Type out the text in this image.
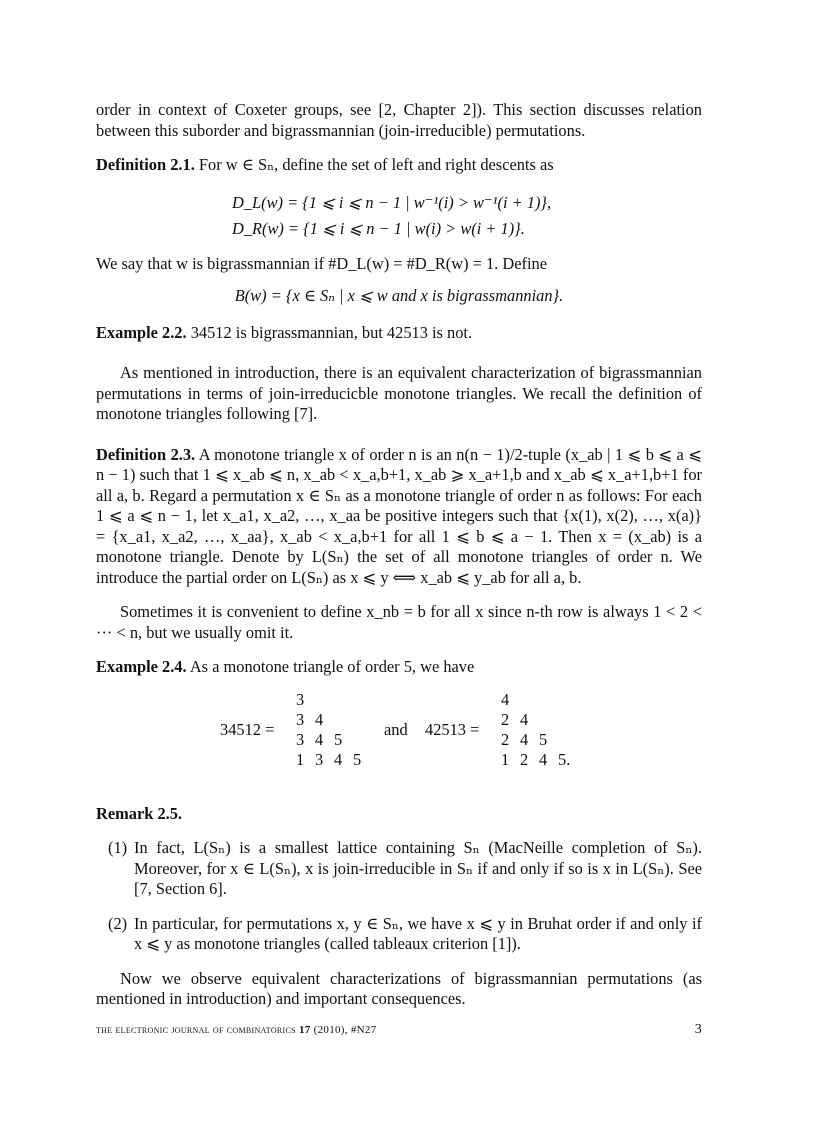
order in context of Coxeter groups, see [2, Chapter 2]). This section discusses relation between this suborder and bigrassmannian (join-irreducible) permutations.

Definition 2.1. For w ∈ Sₙ, define the set of left and right descents as

D_L(w) = {1 ⩽ i ⩽ n − 1 | w⁻¹(i) > w⁻¹(i + 1)},
D_R(w) = {1 ⩽ i ⩽ n − 1 | w(i) > w(i + 1)}.

We say that w is bigrassmannian if #D_L(w) = #D_R(w) = 1. Define

B(w) = {x ∈ Sₙ | x ⩽ w and x is bigrassmannian}.

Example 2.2. 34512 is bigrassmannian, but 42513 is not.

As mentioned in introduction, there is an equivalent characterization of bigrassmannian permutations in terms of join-irreducicble monotone triangles. We recall the definition of monotone triangles following [7].

Definition 2.3. A monotone triangle x of order n is an n(n − 1)/2-tuple (x_ab | 1 ⩽ b ⩽ a ⩽ n − 1) such that 1 ⩽ x_ab ⩽ n, x_ab < x_a,b+1, x_ab ⩾ x_a+1,b and x_ab ⩽ x_a+1,b+1 for all a, b. Regard a permutation x ∈ Sₙ as a monotone triangle of order n as follows: For each 1 ⩽ a ⩽ n − 1, let x_a1, x_a2, …, x_aa be positive integers such that {x(1), x(2), …, x(a)} = {x_a1, x_a2, …, x_aa}, x_ab < x_a,b+1 for all 1 ⩽ b ⩽ a − 1. Then x = (x_ab) is a monotone triangle. Denote by L(Sₙ) the set of all monotone triangles of order n. We introduce the partial order on L(Sₙ) as x ⩽ y ⟺ x_ab ⩽ y_ab for all a, b.

Sometimes it is convenient to define x_nb = b for all x since n-th row is always 1 < 2 < ··· < n, but we usually omit it.

Example 2.4. As a monotone triangle of order 5, we have

34512 =
3
3 4
3 4 5
1 3 4 5
and 42513 =
4
2 4
2 4 5
1 2 4 5.

Remark 2.5.

(1) In fact, L(Sₙ) is a smallest lattice containing Sₙ (MacNeille completion of Sₙ). Moreover, for x ∈ L(Sₙ), x is join-irreducible in Sₙ if and only if so is x in L(Sₙ). See [7, Section 6].
(2) In particular, for permutations x, y ∈ Sₙ, we have x ⩽ y in Bruhat order if and only if x ⩽ y as monotone triangles (called tableaux criterion [1]).

Now we observe equivalent characterizations of bigrassmannian permutations (as mentioned in introduction) and important consequences.

the electronic journal of combinatorics 17 (2010), #N27	3
